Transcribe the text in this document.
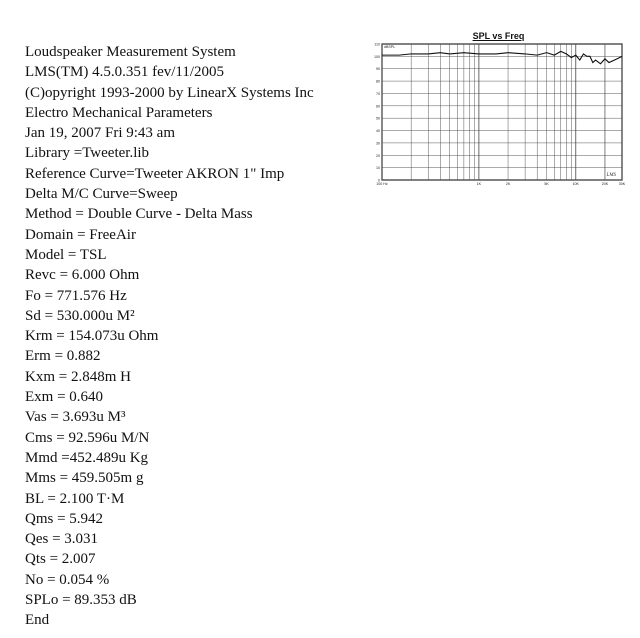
Loudspeaker Measurement System
LMS(TM) 4.5.0.351 fev/11/2005
(C)opyright 1993-2000 by LinearX Systems Inc
Electro Mechanical Parameters
Jan 19, 2007 Fri 9:43 am
Library =Tweeter.lib
Reference Curve=Tweeter AKRON 1" Imp
Delta M/C Curve=Sweep
Method = Double Curve - Delta Mass
Domain = FreeAir
Model = TSL
Revc = 6.000 Ohm
Fo = 771.576 Hz
Sd = 530.000u M²
Krm = 154.073u Ohm
Erm = 0.882
Kxm = 2.848m H
Exm = 0.640
Vas = 3.693u M³
Cms = 92.596u M/N
Mmd =452.489u Kg
Mms = 459.505m g
BL = 2.100 T·M
Qms = 5.942
Qes = 3.031
Qts = 2.007
No = 0.054 %
SPLo = 89.353 dB
End
SPL vs Freq
0
10
20
30
40
50
60
70
80
90
100
110
dBSPL
100 Hz	1K	2K	5K	10K	20K	30K
LMS
